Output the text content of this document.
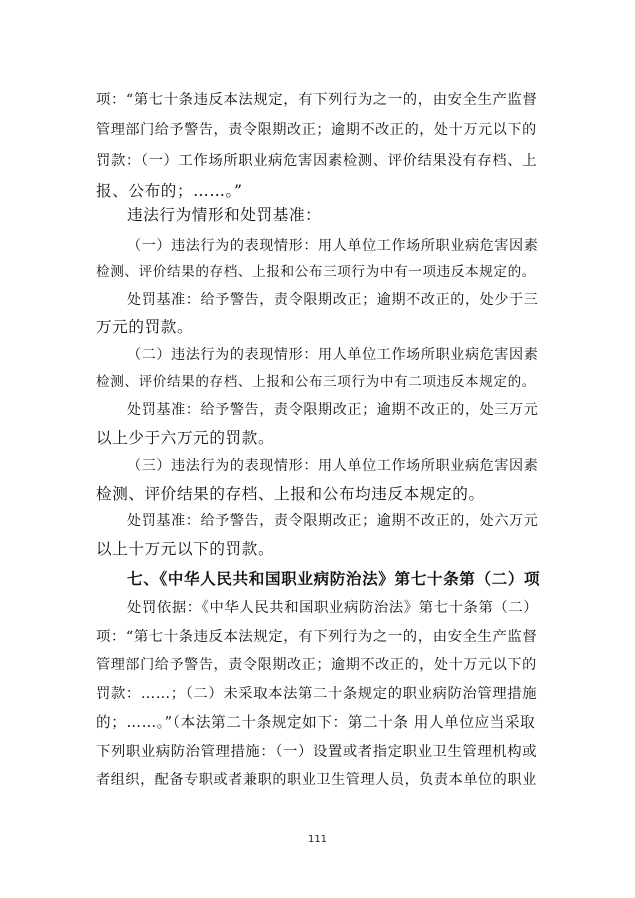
项：“第七十条违反本法规定，有下列行为之一的，由安全生产监督
管理部门给予警告，责令限期改正；逾期不改正的，处十万元以下的
罚款：（一）工作场所职业病危害因素检测、评价结果没有存档、上
报、公布的；……。”
违法行为情形和处罚基准：
（一）违法行为的表现情形：用人单位工作场所职业病危害因素
检测、评价结果的存档、上报和公布三项行为中有一项违反本规定的。
处罚基准：给予警告，责令限期改正；逾期不改正的，处少于三
万元的罚款。
（二）违法行为的表现情形：用人单位工作场所职业病危害因素
检测、评价结果的存档、上报和公布三项行为中有二项违反本规定的。
处罚基准：给予警告，责令限期改正；逾期不改正的，处三万元
以上少于六万元的罚款。
（三）违法行为的表现情形：用人单位工作场所职业病危害因素
检测、评价结果的存档、上报和公布均违反本规定的。
处罚基准：给予警告，责令限期改正；逾期不改正的，处六万元
以上十万元以下的罚款。
七、《中华人民共和国职业病防治法》第七十条第（二）项
处罚依据：《中华人民共和国职业病防治法》第七十条第（二）
项：“第七十条违反本法规定，有下列行为之一的，由安全生产监督
管理部门给予警告，责令限期改正；逾期不改正的，处十万元以下的
罚款：……；（二）未采取本法第二十条规定的职业病防治管理措施
的；……。”（本法第二十条规定如下：第二十条 用人单位应当采取
下列职业病防治管理措施：（一）设置或者指定职业卫生管理机构或
者组织，配备专职或者兼职的职业卫生管理人员，负责本单位的职业
111
